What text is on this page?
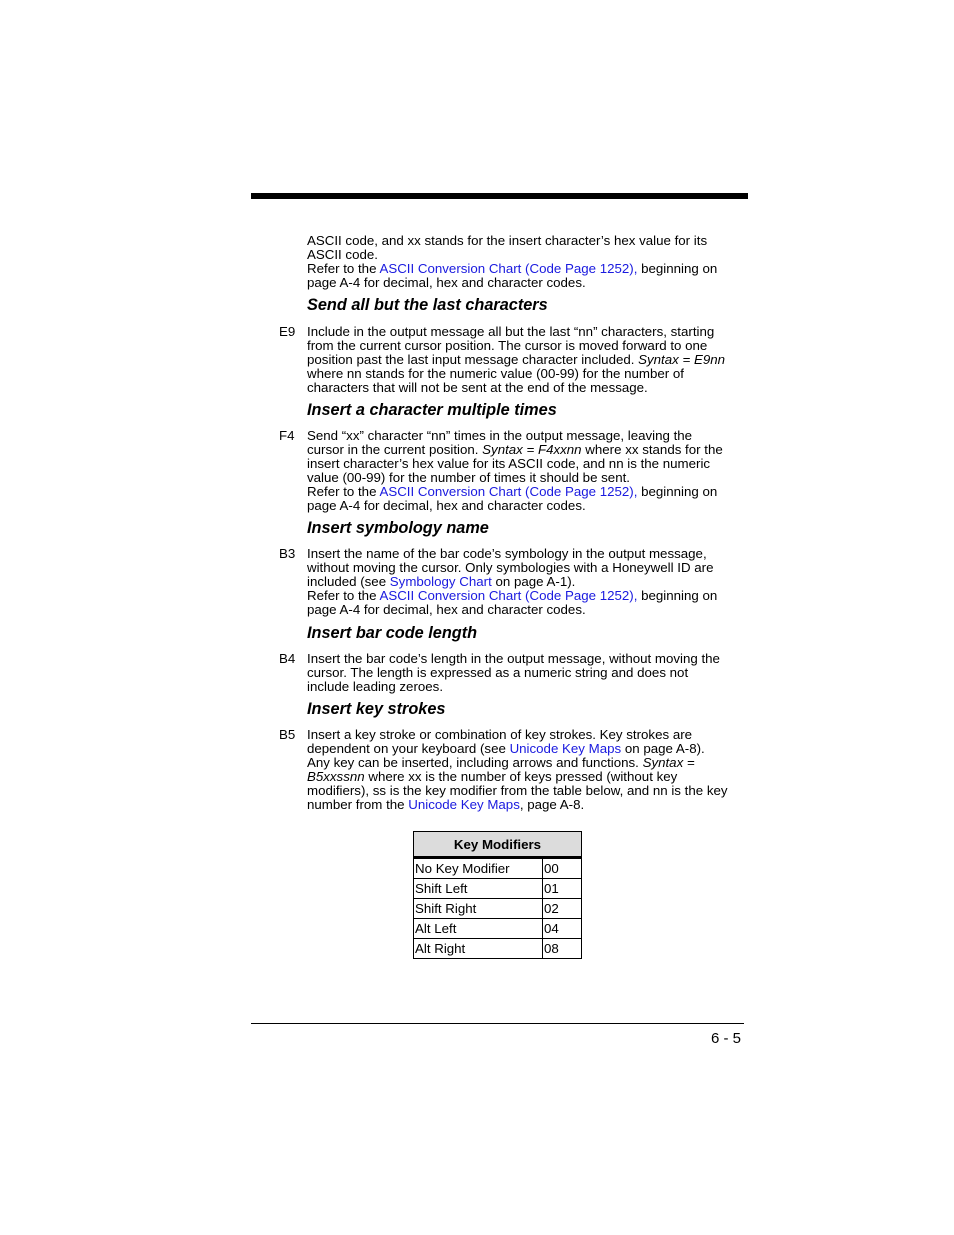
ASCII code, and xx stands for the insert character’s hex value for its
ASCII code.
Refer to the ASCII Conversion Chart (Code Page 1252), beginning on
page A-4 for decimal, hex and character codes.
Send all but the last characters
E9 Include in the output message all but the last “nn” characters, starting
from the current cursor position. The cursor is moved forward to one
position past the last input message character included. Syntax = E9nn
where nn stands for the numeric value (00-99) for the number of
characters that will not be sent at the end of the message.
Insert a character multiple times
F4 Send “xx” character “nn” times in the output message, leaving the
cursor in the current position. Syntax = F4xxnn where xx stands for the
insert character’s hex value for its ASCII code, and nn is the numeric
value (00-99) for the number of times it should be sent.
Refer to the ASCII Conversion Chart (Code Page 1252), beginning on
page A-4 for decimal, hex and character codes.
Insert symbology name
B3 Insert the name of the bar code’s symbology in the output message,
without moving the cursor. Only symbologies with a Honeywell ID are
included (see Symbology Chart on page A-1).
Refer to the ASCII Conversion Chart (Code Page 1252), beginning on
page A-4 for decimal, hex and character codes.
Insert bar code length
B4 Insert the bar code’s length in the output message, without moving the
cursor. The length is expressed as a numeric string and does not
include leading zeroes.
Insert key strokes
B5 Insert a key stroke or combination of key strokes. Key strokes are
dependent on your keyboard (see Unicode Key Maps on page A-8).
Any key can be inserted, including arrows and functions. Syntax =
B5xxssnn where xx is the number of keys pressed (without key
modifiers), ss is the key modifier from the table below, and nn is the key
number from the Unicode Key Maps, page A-8.
Key Modifiers	
No Key Modifier	00
Shift Left	01
Shift Right	02
Alt Left	04
Alt Right	08
6 - 5
